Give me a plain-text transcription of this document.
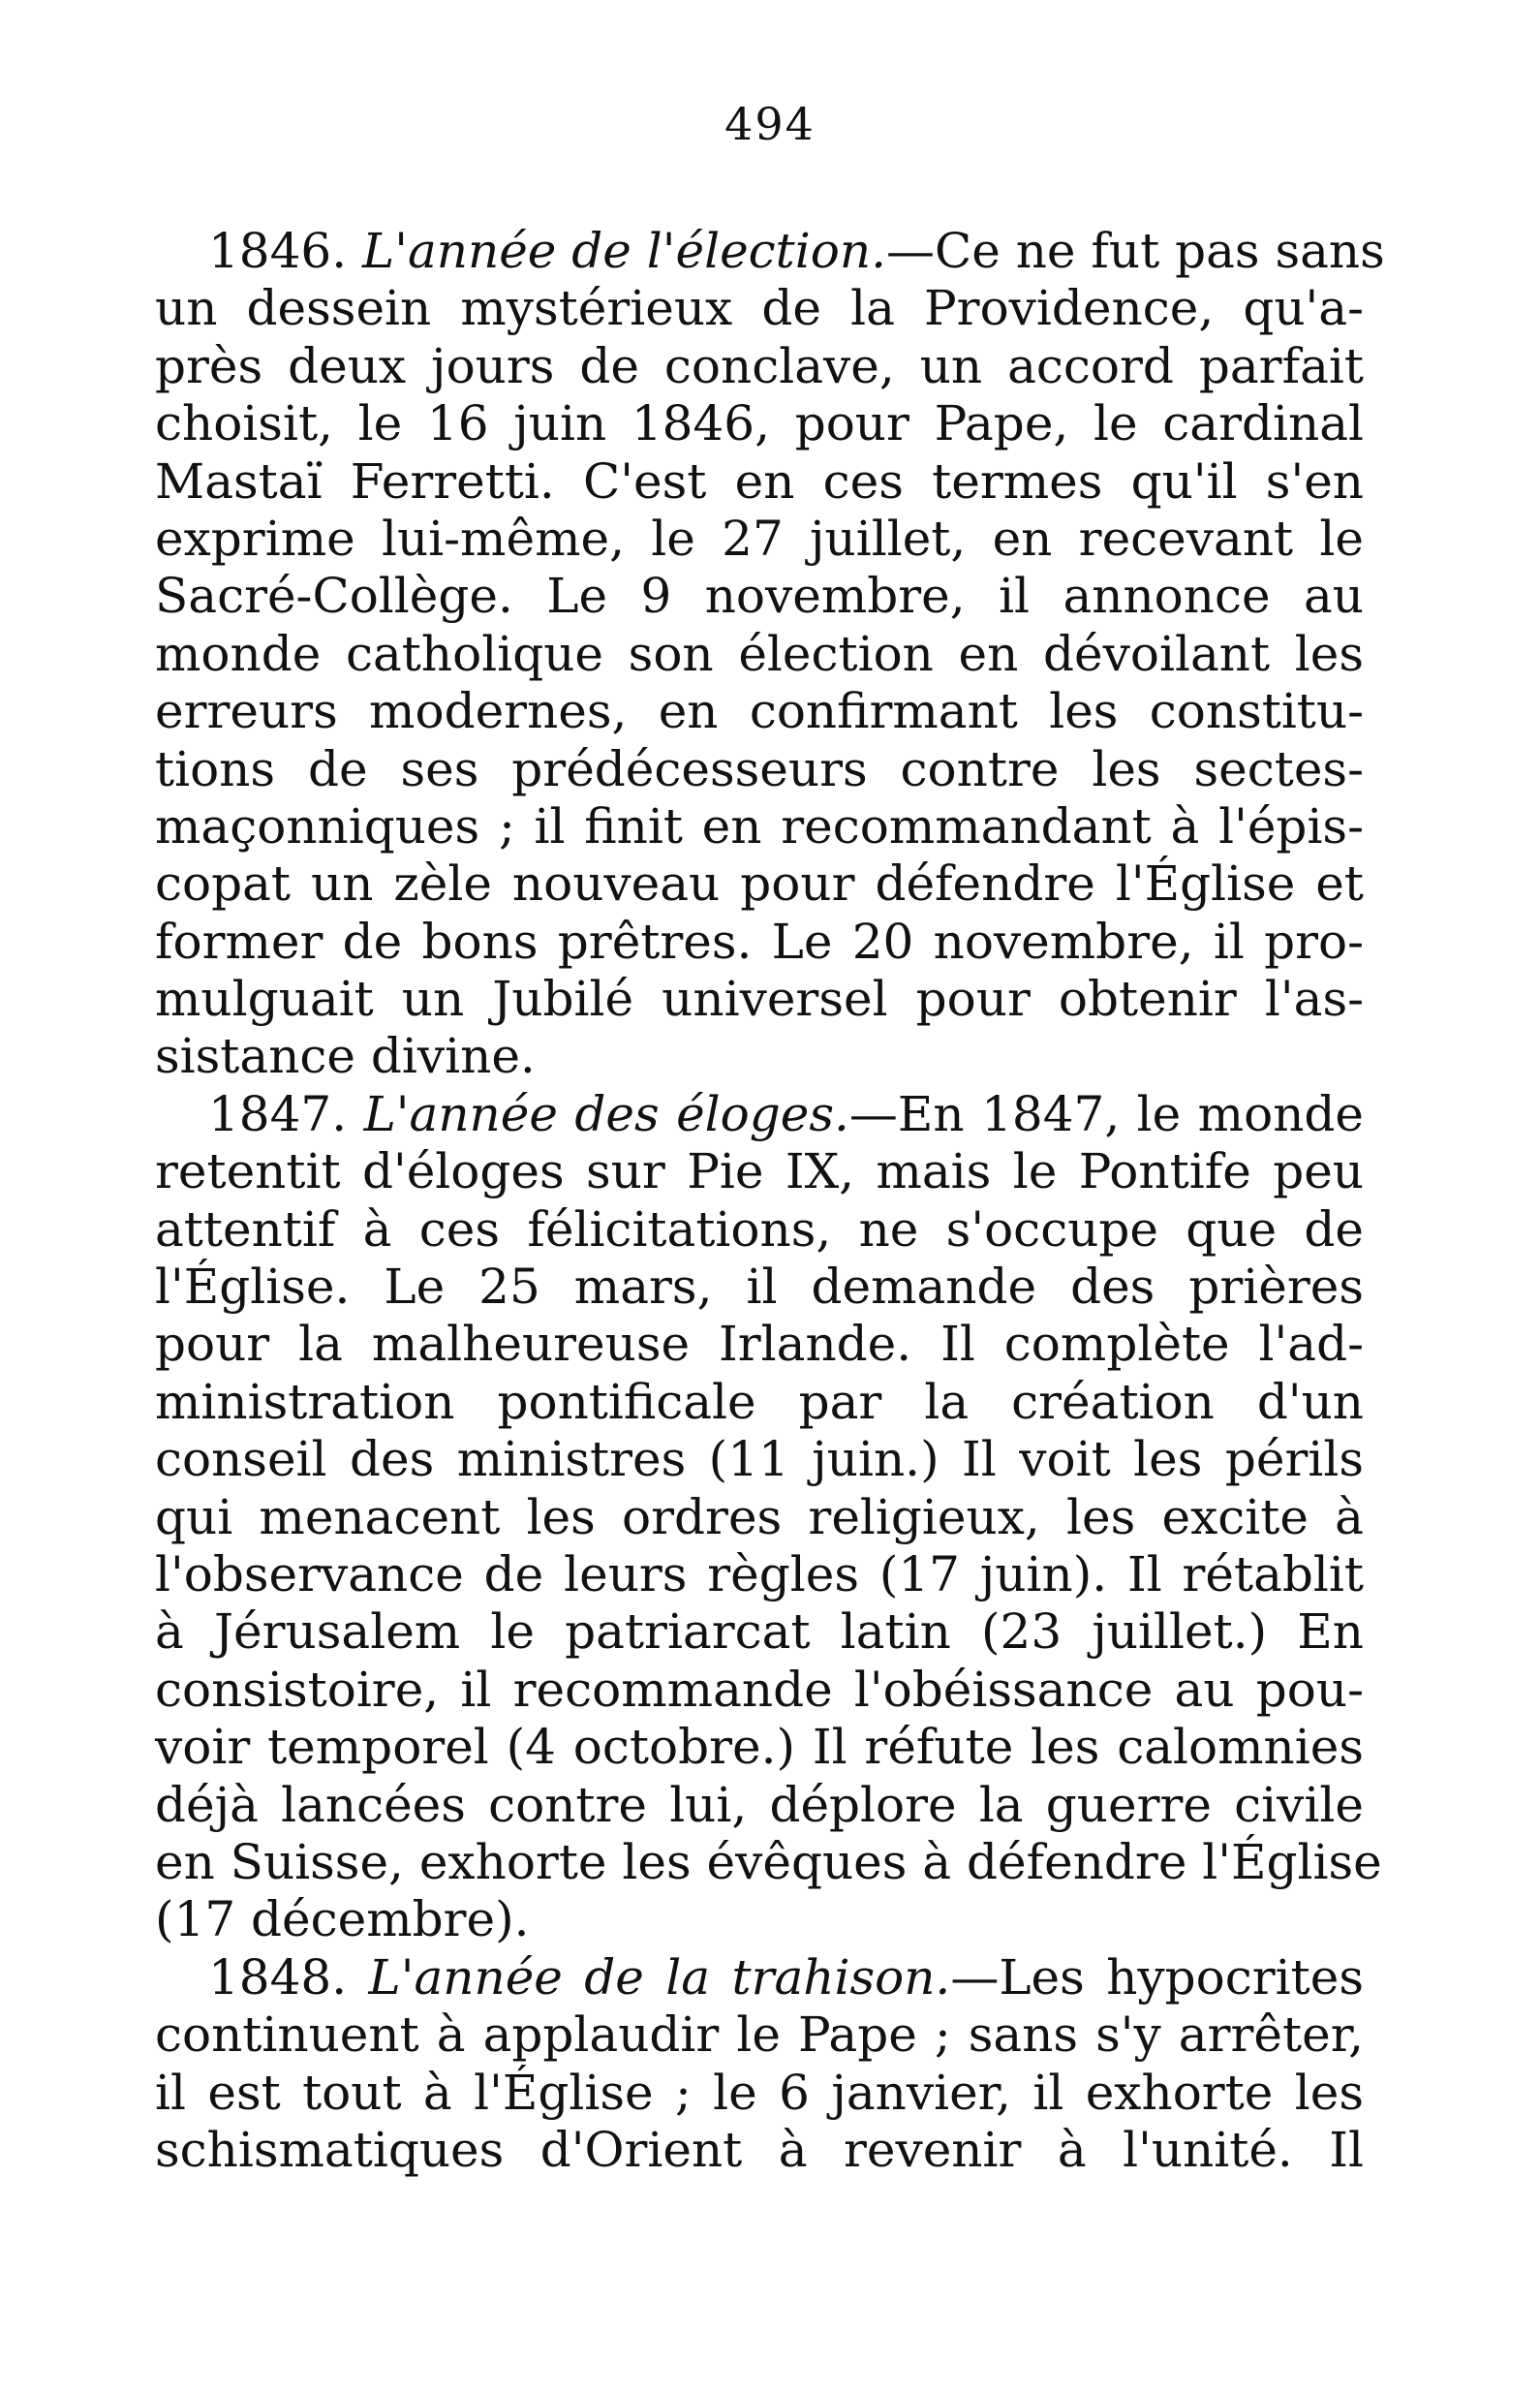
494
1846. L'année de l'élection.—Ce ne fut pas sans
un dessein mystérieux de la Providence, qu'a-
près deux jours de conclave, un accord parfait
choisit, le 16 juin 1846, pour Pape, le cardinal
Mastaï Ferretti. C'est en ces termes qu'il s'en
exprime lui-même, le 27 juillet, en recevant le
Sacré-Collège. Le 9 novembre, il annonce au
monde catholique son élection en dévoilant les
erreurs modernes, en confirmant les constitu-
tions de ses prédécesseurs contre les sectes-
maçonniques ; il finit en recommandant à l'épis-
copat un zèle nouveau pour défendre l'Église et
former de bons prêtres. Le 20 novembre, il pro-
mulguait un Jubilé universel pour obtenir l'as-
sistance divine.
1847. L'année des éloges.—En 1847, le monde
retentit d'éloges sur Pie IX, mais le Pontife peu
attentif à ces félicitations, ne s'occupe que de
l'Église. Le 25 mars, il demande des prières
pour la malheureuse Irlande. Il complète l'ad-
ministration pontificale par la création d'un
conseil des ministres (11 juin.) Il voit les périls
qui menacent les ordres religieux, les excite à
l'observance de leurs règles (17 juin). Il rétablit
à Jérusalem le patriarcat latin (23 juillet.) En
consistoire, il recommande l'obéissance au pou-
voir temporel (4 octobre.) Il réfute les calomnies
déjà lancées contre lui, déplore la guerre civile
en Suisse, exhorte les évêques à défendre l'Église
(17 décembre).
1848. L'année de la trahison.—Les hypocrites
continuent à applaudir le Pape ; sans s'y arrêter,
il est tout à l'Église ; le 6 janvier, il exhorte les
schismatiques d'Orient à revenir à l'unité. Il
